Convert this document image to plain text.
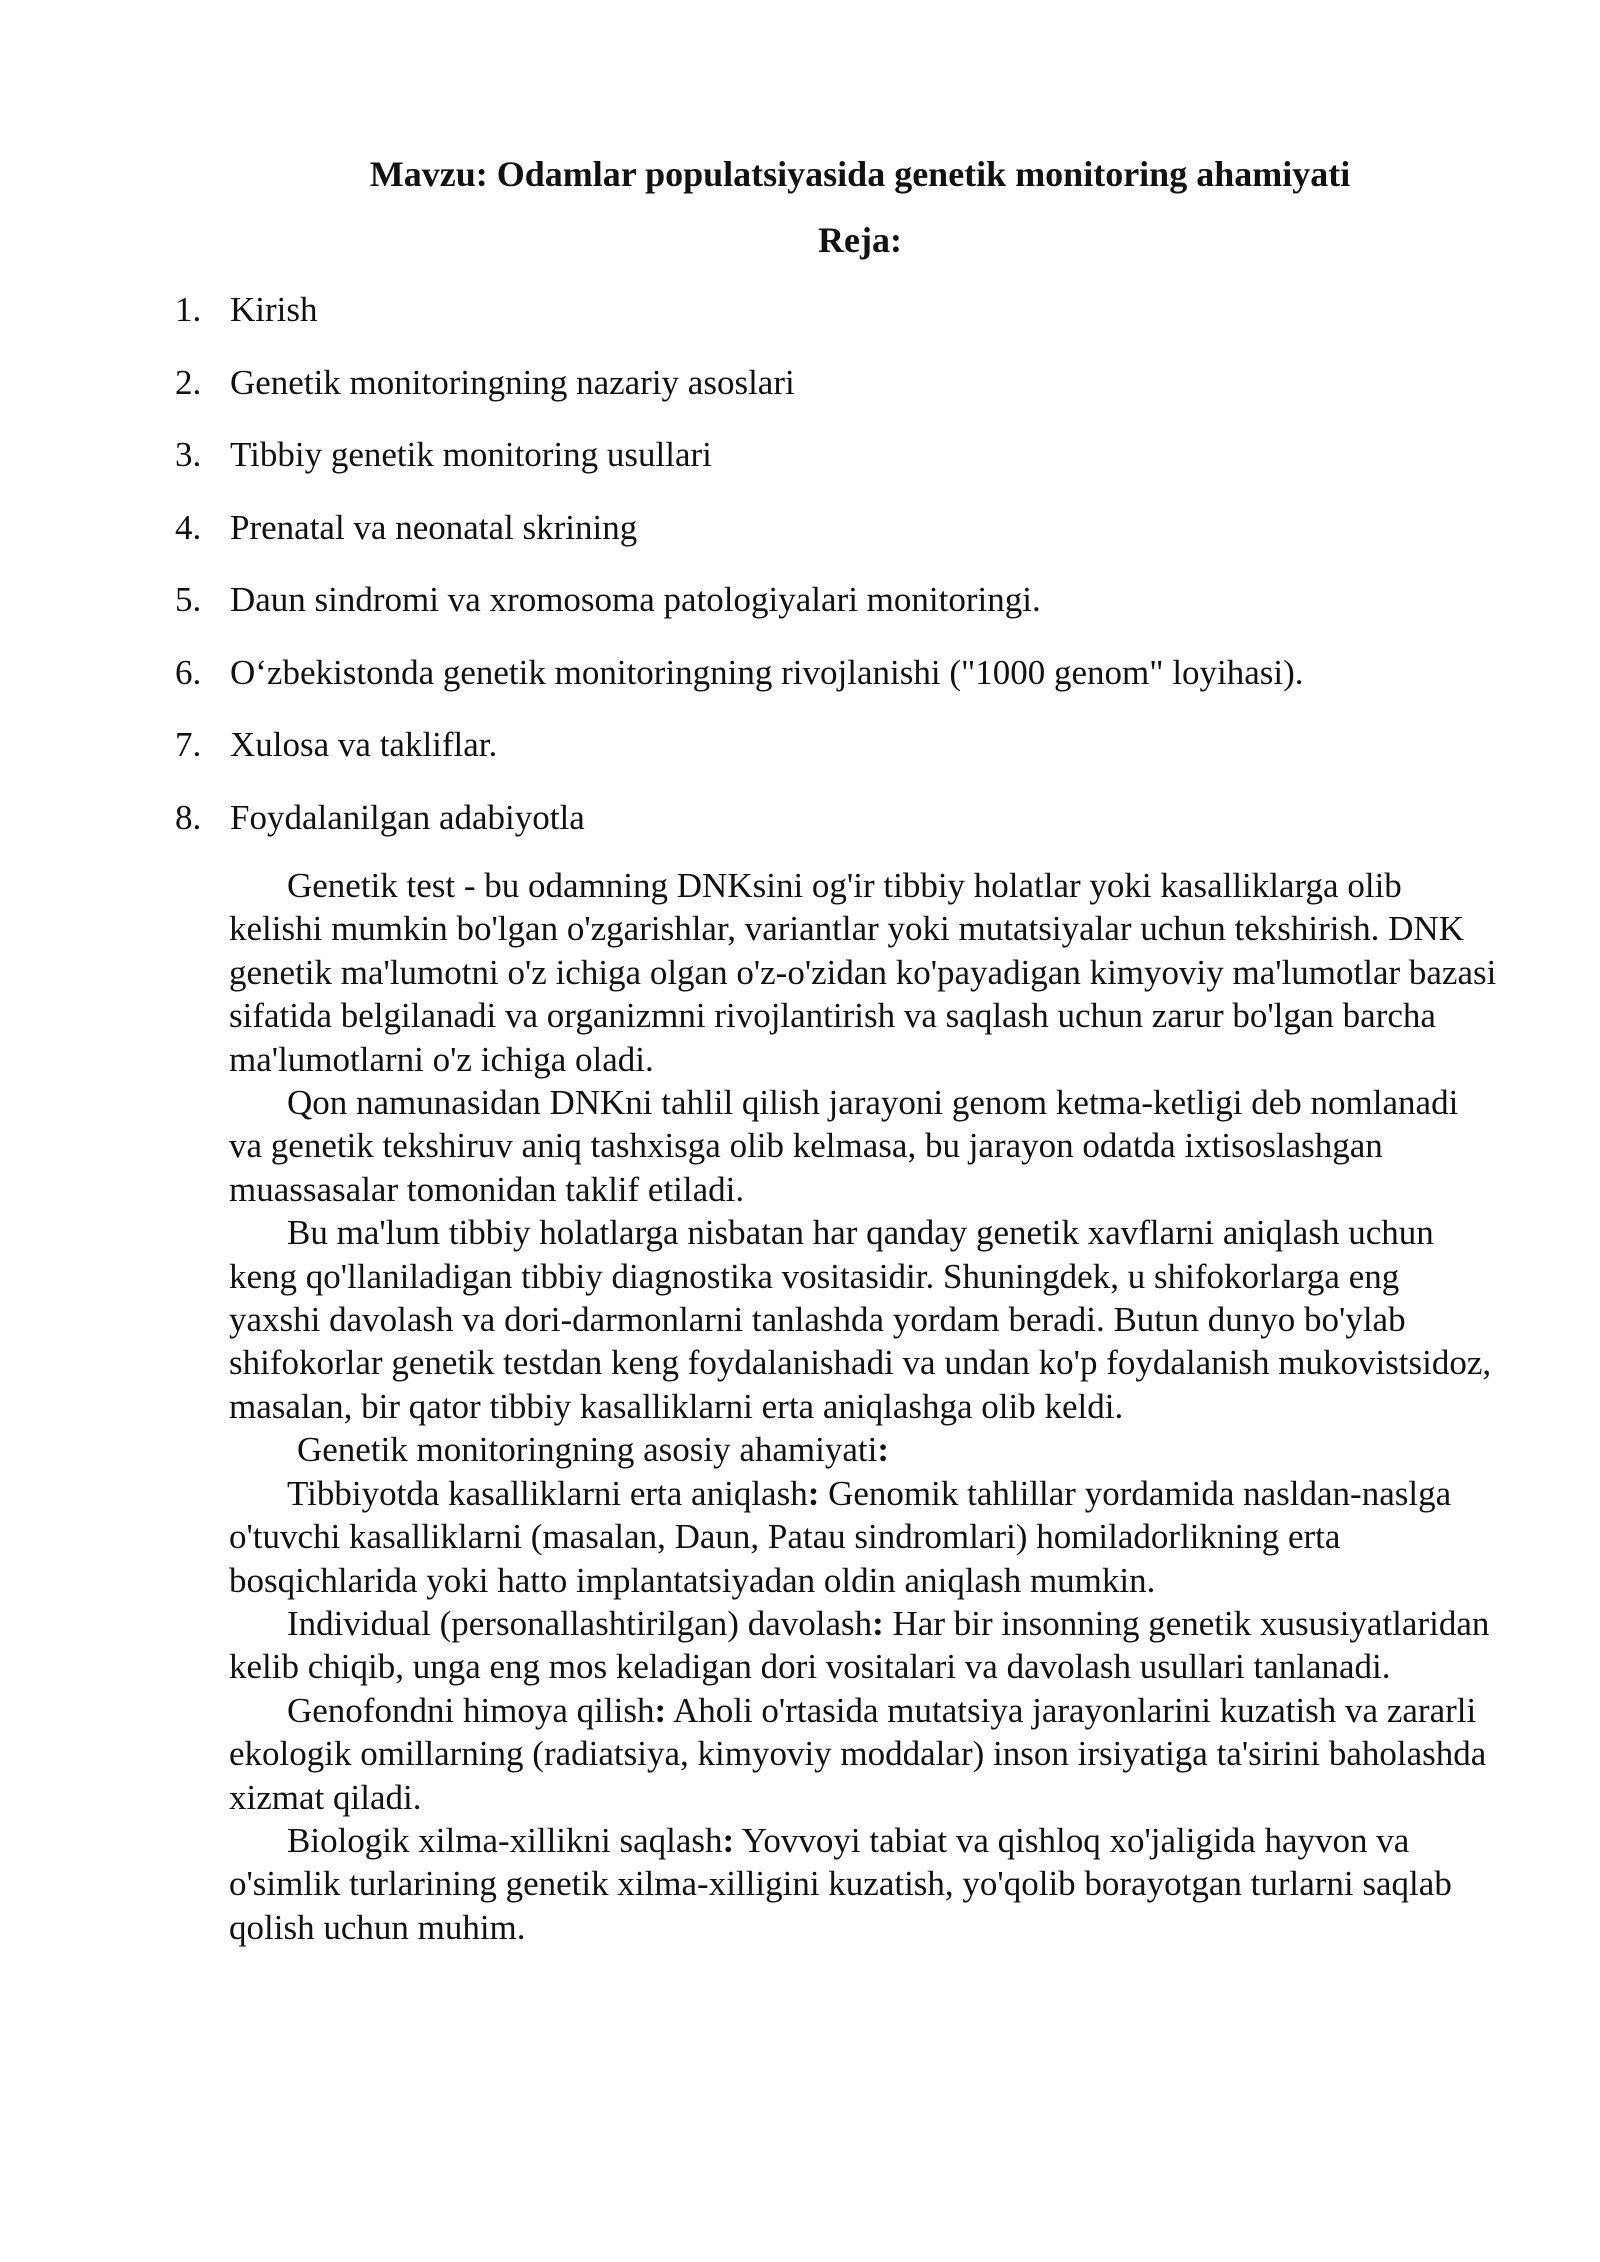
Mavzu: Odamlar populatsiyasida genetik monitoring ahamiyati
Reja:
1. Kirish
2. Genetik monitoringning nazariy asoslari
3. Tibbiy genetik monitoring usullari
4. Prenatal va neonatal skrining
5. Daun sindromi va xromosoma patologiyalari monitoringi.
6. O‘zbekistonda genetik monitoringning rivojlanishi ("1000 genom" loyihasi).
7. Xulosa va takliflar.
8. Foydalanilgan adabiyotla

Genetik test - bu odamning DNKsini og'ir tibbiy holatlar yoki kasalliklarga olib kelishi mumkin bo'lgan o'zgarishlar, variantlar yoki mutatsiyalar uchun tekshirish. DNK genetik ma'lumotni o'z ichiga olgan o'z-o'zidan ko'payadigan kimyoviy ma'lumotlar bazasi sifatida belgilanadi va organizmni rivojlantirish va saqlash uchun zarur bo'lgan barcha ma'lumotlarni o'z ichiga oladi.

Qon namunasidan DNKni tahlil qilish jarayoni genom ketma-ketligi deb nomlanadi va genetik tekshiruv aniq tashxisga olib kelmasa, bu jarayon odatda ixtisoslashgan muassasalar tomonidan taklif etiladi.

Bu ma'lum tibbiy holatlarga nisbatan har qanday genetik xavflarni aniqlash uchun keng qo'llaniladigan tibbiy diagnostika vositasidir. Shuningdek, u shifokorlarga eng yaxshi davolash va dori-darmonlarni tanlashda yordam beradi. Butun dunyo bo'ylab shifokorlar genetik testdan keng foydalanishadi va undan ko'p foydalanish mukovistsidoz, masalan, bir qator tibbiy kasalliklarni erta aniqlashga olib keldi.

Genetik monitoringning asosiy ahamiyati:

Tibbiyotda kasalliklarni erta aniqlash: Genomik tahlillar yordamida nasldan-naslga o'tuvchi kasalliklarni (masalan, Daun, Patau sindromlari) homiladorlikning erta bosqichlarida yoki hatto implantatsiyadan oldin aniqlash mumkin.

Individual (personallashtirilgan) davolash: Har bir insonning genetik xususiyatlaridan kelib chiqib, unga eng mos keladigan dori vositalari va davolash usullari tanlanadi.

Genofondni himoya qilish: Aholi o'rtasida mutatsiya jarayonlarini kuzatish va zararli ekologik omillarning (radiatsiya, kimyoviy moddalar) inson irsiyatiga ta'sirini baholashda xizmat qiladi.

Biologik xilma-xillikni saqlash: Yovvoyi tabiat va qishloq xo'jaligida hayvon va o'simlik turlarining genetik xilma-xilligini kuzatish, yo'qolib borayotgan turlarni saqlab qolish uchun muhim.
